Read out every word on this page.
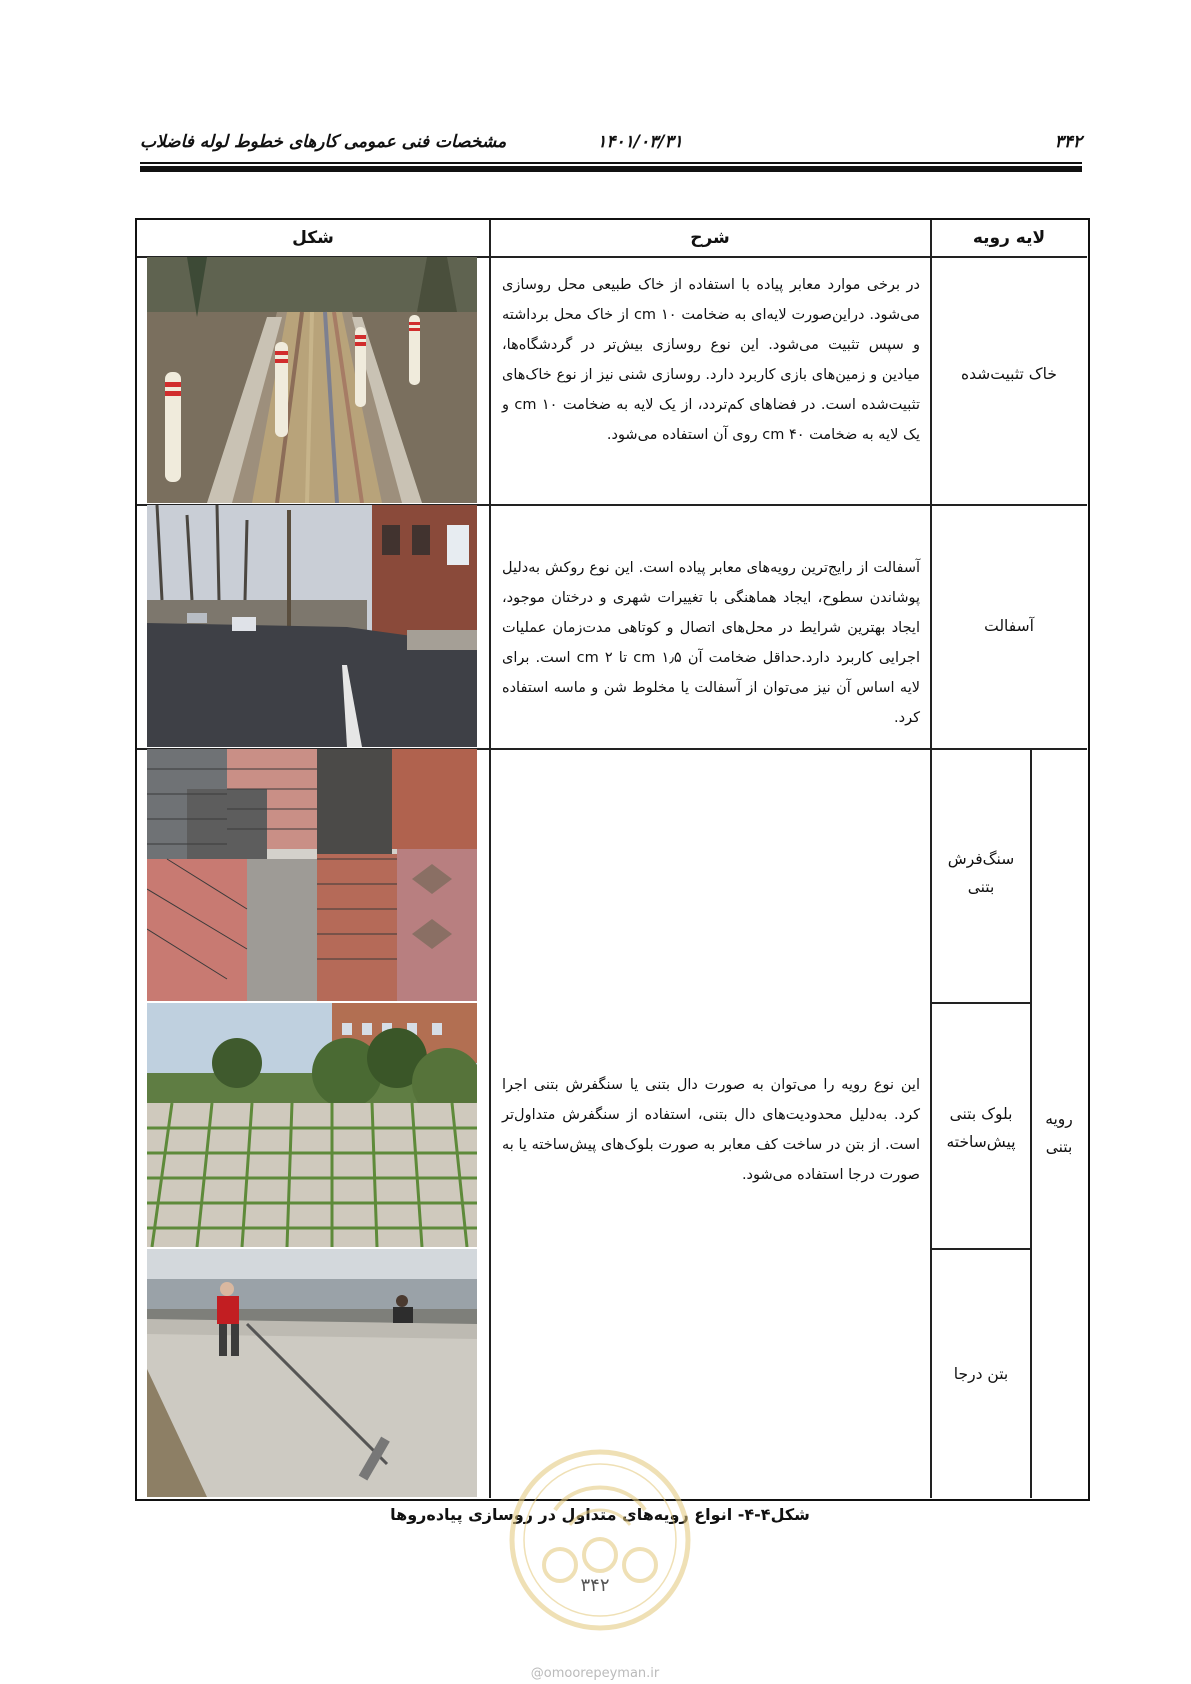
۳۴۲
۱۴۰۱/۰۳/۳۱
مشخصات فنی عمومی کارهای خطوط لوله فاضلاب
لایه رویه
شرح
شکل
خاک تثبیت‌شده
در برخی موارد معابر پیاده با استفاده از خاک طبیعی محل روسازی می‌شود. دراین‌صورت لایه‌ای به ضخامت cm ۱۰ از خاک محل برداشته و سپس تثبیت می‌شود. این نوع روسازی بیش‌تر در گردشگاه‌ها، میادین و زمین‌های بازی کاربرد دارد. روسازی شنی نیز از نوع خاک‌های تثبیت‌شده است. در فضاهای کم‌تردد، از یک لایه به ضخامت cm ۱۰ و یک لایه به ضخامت cm ۴۰ روی آن استفاده می‌شود.
آسفالت
آسفالت از رایج‌ترین رویه‌های معابر پیاده است. این نوع روکش به‌دلیل پوشاندن سطوح، ایجاد هماهنگی با تغییرات شهری و درختان موجود، ایجاد بهترین شرایط در محل‌های اتصال و کوتاهی مدت‌زمان عملیات اجرایی کاربرد دارد.حداقل ضخامت آن cm ۱٫۵ تا cm ۲ است. برای لایه اساس آن نیز می‌توان از آسفالت یا مخلوط شن و ماسه استفاده کرد.
رویه بتنی
این نوع رویه را می‌توان به صورت دال بتنی یا سنگفرش بتنی اجرا کرد. به‌دلیل محدودیت‌های دال بتنی، استفاده از سنگفرش متداول‌تر است. از بتن در ساخت کف معابر به صورت بلوک‌های پیش‌ساخته یا به صورت درجا استفاده می‌شود.
سنگ‌فرش بتنی
بلوک بتنی پیش‌ساخته
بتن درجا
شکل۴-۴- انواع رویه‌های متداول در روسازی پیاده‌روها
۳۴۲
@omoorepeyman.ir
